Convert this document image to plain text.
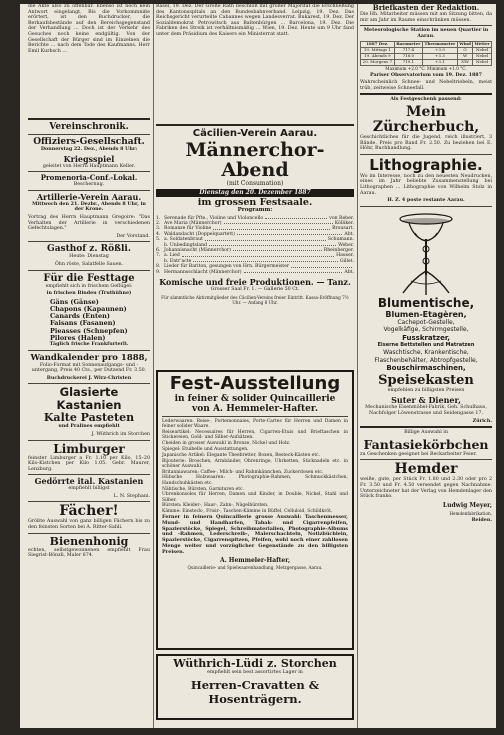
die Akte also zu offenbar. Ebenso ist noch kein Antwort eingelangt. Bis die Vorkommniße erörtert, ist den Buchdrucker, die Berkaufsbestände auf den Bereichsgegenstand der Verhandlung ... Doch ist der Verkehr des Gesuches noch keine endgültig. Von der Gesellschaft der Bürger sind im Einzelnen die Berichte ... nach dem Tode des Kaufmanns. Herr Emil Kurbsch ...

Vereinschronik.
Offiziers-Gesellschaft.
Donnerstag 22. Dez., Abends 8 Uhr:
Kriegsspiel
geleitet von Herrn Hauptmann Keller.
Promenoria-Conf.-Lokal.
Beschernug.
Artillerie-Verein Aarau.
Mittwoch den 21. Dezbr., Abends 8 Uhr, in der Krone.
Vortrag des Herrn Hauptmann Gregoire: "Das Verhalten der Artillerie in verschiedenen Gefechtslagen."
Der Vorstand.
Gasthof z. Rößli.
Heute: Dienstag
Öhn röste, Salatfelle Sauen.
Für die Festtage
empfiehlt sich in frischem Geflügel:
in frischen Bindeu (Truthühne)
Gäns (Gänse)
Chapons (Kapaunen)
Canards (Enten)
Faisans (Fasanen)
Pieasses (Schnepfen)
Pilores (Halen)
Täglich frische Frankfurterli.
Wandkalender pro 1888,
Folio-Format mit Sonnenaufgangs- und -untergang, Preis 40 Cts., per Dutzend Fr. 3.50.
Buchdruckerei J. Wirz-Christen
Glasierte Kastanien
Kalte Pasteten
und Pralines empfiehlt
J. Wüthrich im Storchen
Limburger
feinster Limburger a Fr. 1.10 per Kilo, 15–20 Kilo-Kistchen per Kilo 1.05. Gebr. Maurer, Lenzburg.
Gedörrte ital. Kastanien
empfiehlt billigst
L. N. Stephani.
Fächer!
Größte Auswahl von ganz billigen Fächern bis zu den feinsten Sorten bei A. Ritter-Sahli.
Bienenhonig
echten, selbstgewonnenen empfiehlt Frau Siegrist-Bönzli, Maler 874.

Basel, 19. Dez. Der Große Rath beschloß mit großer Majorität die Erschließung des Kantonsspitals an den Bundesbahnverband. Leipzig, 19. Dez. Das Reichsgericht verurteilte Cabannes wegen Landesverrat. Bukarest, 19. Dez. Der Sozialdemokrat Petrowitsch aus Baltenbürgen ... Barcelona, 19. Dez. Die Fabriken des Streik ist verhältnismäßig ... Wien, 19. Dez. Heute um 9 Uhr fand unter dem Präsidium des Kaisers ein Ministerrat statt.

Cäcilien-Verein Aarau.
Männerchor-Abend
(mit Consumation)
Dienstag den 20. Dezember 1887
im grossen Festsaale.
Programm:
1. Serenade für Pfte., Violine und Violoncello	von Reber.
2. Ave Maria (Männerchor)	Kölliker.
3. Romanze für Violine	Brousart.
4. Waldandacht (Doppelquartett)	Abt.
5. a. Soldatenbraut	Schumann.
b. Unbedingtsland	Weber.
6. Johannisnacht (Männerchor)	Rheinberger.
7. a. Lied	Hauser.
b. Entr'acte	Gillet.
8. Lieder für Bariton, gesungen von Hrn. Bürgermeister
9. Hermannsschlacht (Männerchor)	Abt.
Komische und freie Produktionen. — Tanz.
Grosser Saal Fr. 1. — Gallerie 50 Ct.
Für sämmtliche Aktivmitglieder des Cäcilien-Vereins freier Eintritt. Kassa-Eröffnung 7½ Uhr. — Anfang 8 Uhr.
Fest-Ausstellung
in feiner & solider Quincaillerie
von A. Hemmeler-Hafter.
Lederwaaren: Reise-, Portemonnaies, Porte-Cartes für Herren und Damen in feiner solider Waare.
Reiseartikel: Necessaires für Herren, Cigarren-Etuis und Brieftaschen in Stickereien, Gold- und Silber-Aufsätzen.
Cheiden in grosser Auswahl in Bronze, Nickel und Holz.
Spiegel: Etuibelle und Ausstattungen.
Japanische Artikel: Elegante Theebretter, Boxen, Besteck-Kästen etc.
Bijouterie: Broschen, Armbänder, Ohrenringe, Uhrketten, Sticknadeln etc. in schöner Auswahl.
Britanniawaren: Caffee-, Milch- und Rahmkännchen, Zuckerdosen etc.
Hübsche Holzwaaren: Photographie-Rahmen, Schmuckkästchen, Handschuhkästen etc.
Nähtische, Bürsten, Garnituren etc.
Ubrenkonsoles für Herren, Damen und Kinder, in Double, Nickel, Stahl und Silber.
Bürsten: Kleider-, Haar-, Zahn-, Nägelbürsten.
Kämme: Einsteck-, Frisir-, Taschen-Kämme in Büffel, Celluloid, Schildkröt.
Ferner in feinern Quincaillerie grosse Auswahl: Taschenmesser, Mund- und Handharfen, Tabak- und Cigarrenpfeifen, Spazierstöcke, Spiegel, Schreibmaterialien, Photographie-Albums und -Rahmen, Lederschreib-, Malerschachteln, Notizbüchlein, Spazierstöcke, Cigarrenspitzen, Pfeifen, wohl noch einer zahllosen Menge weiter und vorzüglicher Gegenstände zu den billigsten Preisen.
A. Hemmeler-Hafter,
Quincaillerie- und Spielwaarenhandlung, Metzgergasse, Aarau.
Wüthrich-Lüdi z. Storchen
empfiehlt sein best assortirtes Lager in
Herren-Cravatten & Hosenträgern.
Briefkasten der Redaktion.
Die Hh. Mitarbeiter müssen mit am Sitzung bitten, da mir am Jahr im Raume einschränken müssen.
Meteorologische Station im neuen Quartier in Aarau.
1887 Dez.	Barometer	Thermometer	Wind	Wetter
19. Mittags 1	717.4	+3.9	O	Nebel
19. Abends 9	718.0	+3.3	W	Nebel
20. Morgens 7	719.1	+3.1	NW	Nebel
Maximum +2.0 °C. Minimum +1.0 °C.
Pariser Observatorium vom 19. Dez. 1887
Wahrscheinlich Schnee- und Nebeltriebeln, meist trüb, zeitweise Schneefall.
Als Festgeschenk passend:
Mein Zürcherbuch,
Geschichtliches für die Jugend, reich illustriert, 3 Bände. Preis pro Band Fr. 2.50. Zu beziehen bei E. Höhr, Buchhandlung.
Lithographie.
Wo im Interesse, noch zu den neuesten Neudrucken, eines im Jahr beliebte Zusammenstellung bei Lithographen ... Lithographie von Wilhelm Stolz in Aarau.
H. Z. 4 poste restante Aarau.
Blumentische,
Blumen-Etagèren,
Cachepot-Gestelle,
Vogelkäfige, Schirmgestelle,
Fusskratzer,
Eiserne Bettstellen und Matratzen
Waschtische, Krankentische,
Flaschenbehälter, Abtropfgestelle,
Bouschirmaschinen,
Speisekasten
empfehlen zu billigsten Preisen
Suter & Diener,
Mechanische Eisenmöbel-Fabrik, Geh. Schulhaus, Nachfolger Löwenstrasse und Seidengasse 17.
Zürich.
Billige Auswahl in
Fantasiekörbchen
zu Geschenken geeignet bei Beckarbeiter Feier.
Hemder
weiße, gute, per Stück Fr. 1.80 und 2.30 oder pro 2 Fr. 3.50 und Fr. 4.50 versendet gegen Nachnahme. Unterzeichneter hat der Verlag von Hemdenlager den Stück franko.
Ludwig Meyer,
Hemdenfabrikation,
Reiden.
